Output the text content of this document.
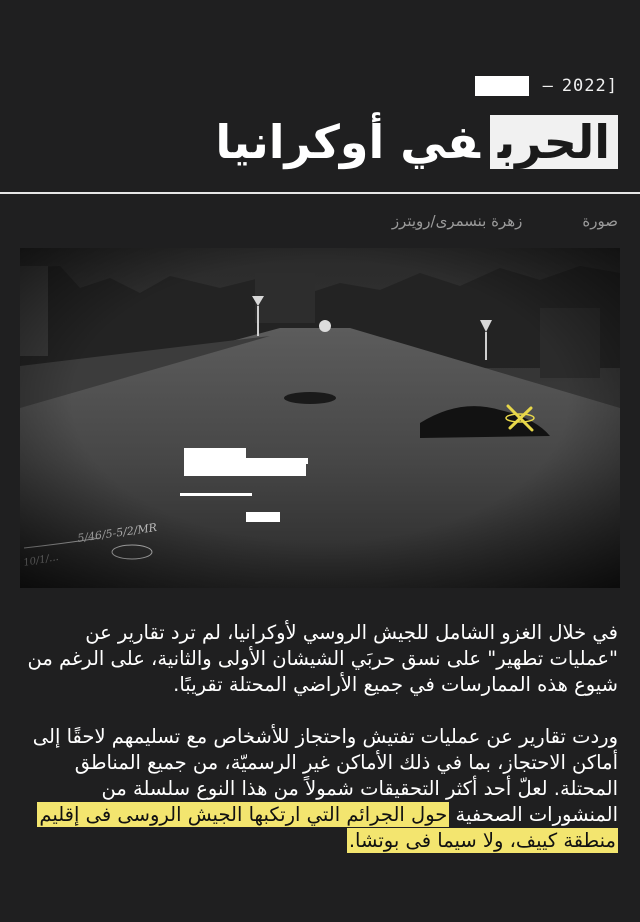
– 2022]
الحربفي أوكرانيا
صورة
زهرة بنسمرى/رويترز

في خلال الغزو الشامل للجيش الروسي لأوكرانيا، لم ترد تقارير عن "عمليات تطهير" على نسق حربَي الشيشان الأولى والثانية، على الرغم من شيوع هذه الممارسات في جميع الأراضي المحتلة تقريبًا.

وردت تقارير عن عمليات تفتيش واحتجاز للأشخاص مع تسليمهم لاحقًا إلى أماكن الاحتجاز، بما في ذلك الأماكن غير الرسميّة، من جميع المناطق المحتلة. لعلّ أحد أكثر التحقيقات شمولاً من هذا النوع سلسلة من المنشورات الصحفية حول الجرائم التي ارتكبها الجيش الروسى فى إقليم منطقة كييف، ولا سيما فى بوتشا.
